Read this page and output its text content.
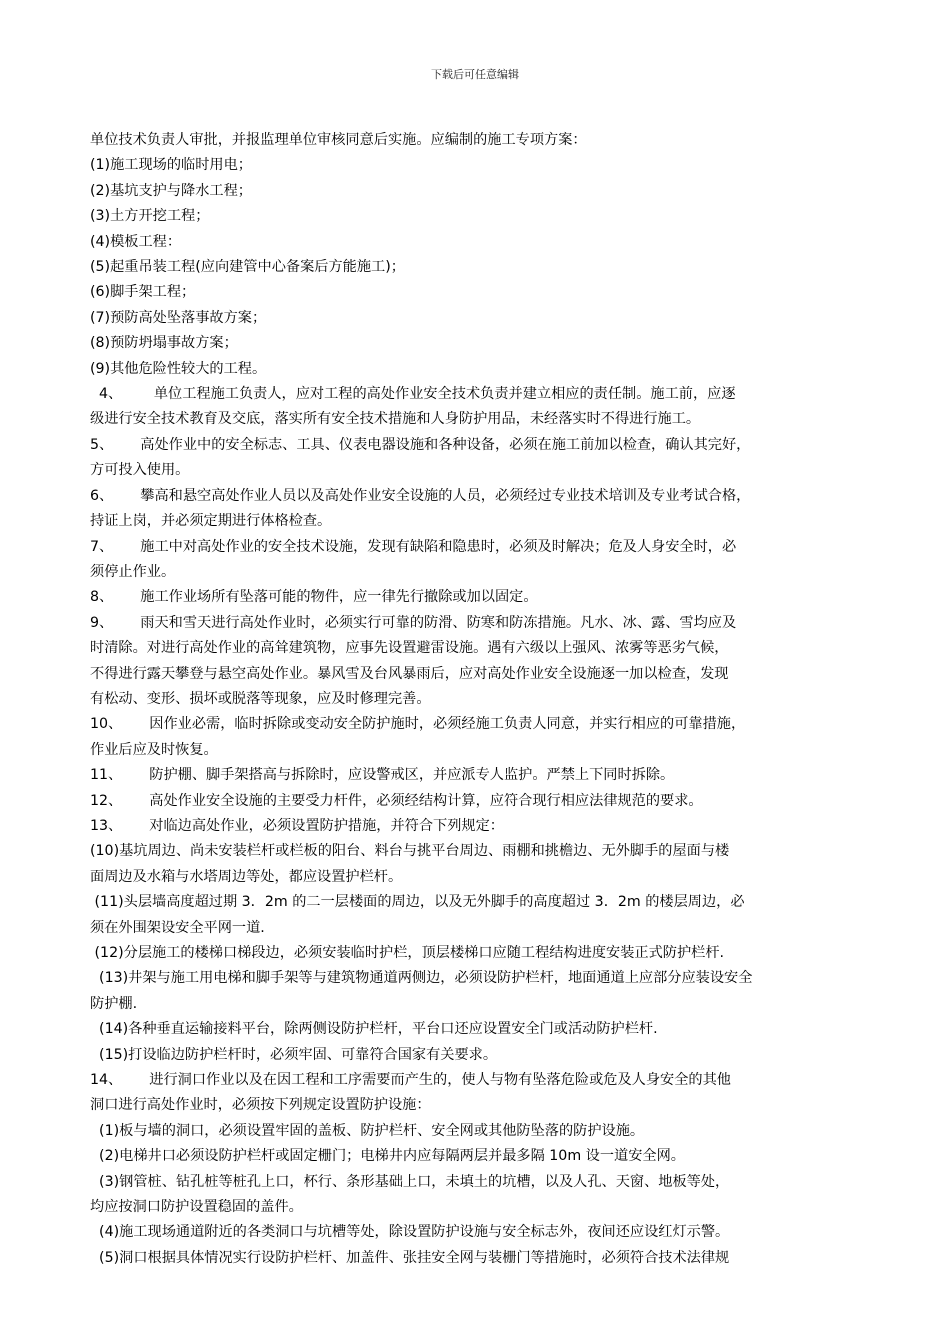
下载后可任意编辑

单位技术负责人审批，并报监理单位审核同意后实施。应编制的施工专项方案：

(1)施工现场的临时用电；

(2)基坑支护与降水工程；

(3)土方开挖工程；

(4)模板工程：

(5)起重吊装工程(应向建管中心备案后方能施工)；

(6)脚手架工程；

(7)预防高处坠落事故方案；

(8)预防坍塌事故方案；

(9)其他危险性较大的工程。

4、       单位工程施工负责人，应对工程的高处作业安全技术负责并建立相应的责任制。施工前，应逐

级进行安全技术教育及交底，落实所有安全技术措施和人身防护用品，未经落实时不得进行施工。

5、      高处作业中的安全标志、工具、仪表电器设施和各种设备，必须在施工前加以检查，确认其完好，

方可投入使用。

6、      攀高和悬空高处作业人员以及高处作业安全设施的人员，必须经过专业技术培训及专业考试合格，

持证上岗，并必须定期进行体格检查。

7、      施工中对高处作业的安全技术设施，发现有缺陷和隐患时，必须及时解决；危及人身安全时，必

须停止作业。

8、      施工作业场所有坠落可能的物件，应一律先行撤除或加以固定。

9、      雨天和雪天进行高处作业时，必须实行可靠的防滑、防寒和防冻措施。凡水、冰、露、雪均应及

时清除。对进行高处作业的高耸建筑物，应事先设置避雷设施。遇有六级以上强风、浓雾等恶劣气候，

不得进行露天攀登与悬空高处作业。暴风雪及台风暴雨后，应对高处作业安全设施逐一加以检查，发现

有松动、变形、损坏或脱落等现象，应及时修理完善。

10、      因作业必需，临时拆除或变动安全防护施时，必须经施工负责人同意，并实行相应的可靠措施，

作业后应及时恢复。

11、      防护棚、脚手架搭高与拆除时，应设警戒区，并应派专人监护。严禁上下同时拆除。

12、      高处作业安全设施的主要受力杆件，必须经结构计算，应符合现行相应法律规范的要求。

13、      对临边高处作业，必须设置防护措施，并符合下列规定：

(10)基坑周边、尚未安装栏杆或栏板的阳台、料台与挑平台周边、雨棚和挑檐边、无外脚手的屋面与楼

面周边及水箱与水塔周边等处，都应设置护栏杆。

(11)头层墙高度超过期 3．2m 的二一层楼面的周边，以及无外脚手的高度超过 3．2m 的楼层周边，必

须在外围架设安全平网一道.

(12)分层施工的楼梯口梯段边，必须安装临时护栏，顶层楼梯口应随工程结构进度安装正式防护栏杆.

(13)井架与施工用电梯和脚手架等与建筑物通道两侧边，必须设防护栏杆，地面通道上应部分应装设安全

防护棚.

(14)各种垂直运输接料平台，除两侧设防护栏杆，平台口还应设置安全门或活动防护栏杆.

(15)打设临边防护栏杆时，必须牢固、可靠符合国家有关要求。

14、      进行洞口作业以及在因工程和工序需要而产生的，使人与物有坠落危险或危及人身安全的其他

洞口进行高处作业时，必须按下列规定设置防护设施：

(1)板与墙的洞口，必须设置牢固的盖板、防护栏杆、安全网或其他防坠落的防护设施。

(2)电梯井口必须设防护栏杆或固定栅门；电梯井内应每隔两层并最多隔 10m 设一道安全网。

(3)钢管桩、钻孔桩等桩孔上口，杯行、条形基础上口，未填土的坑槽，以及人孔、天窗、地板等处，

均应按洞口防护设置稳固的盖件。

(4)施工现场通道附近的各类洞口与坑槽等处，除设置防护设施与安全标志外，夜间还应设红灯示警。

(5)洞口根据具体情况实行设防护栏杆、加盖件、张挂安全网与装栅门等措施时，必须符合技术法律规
